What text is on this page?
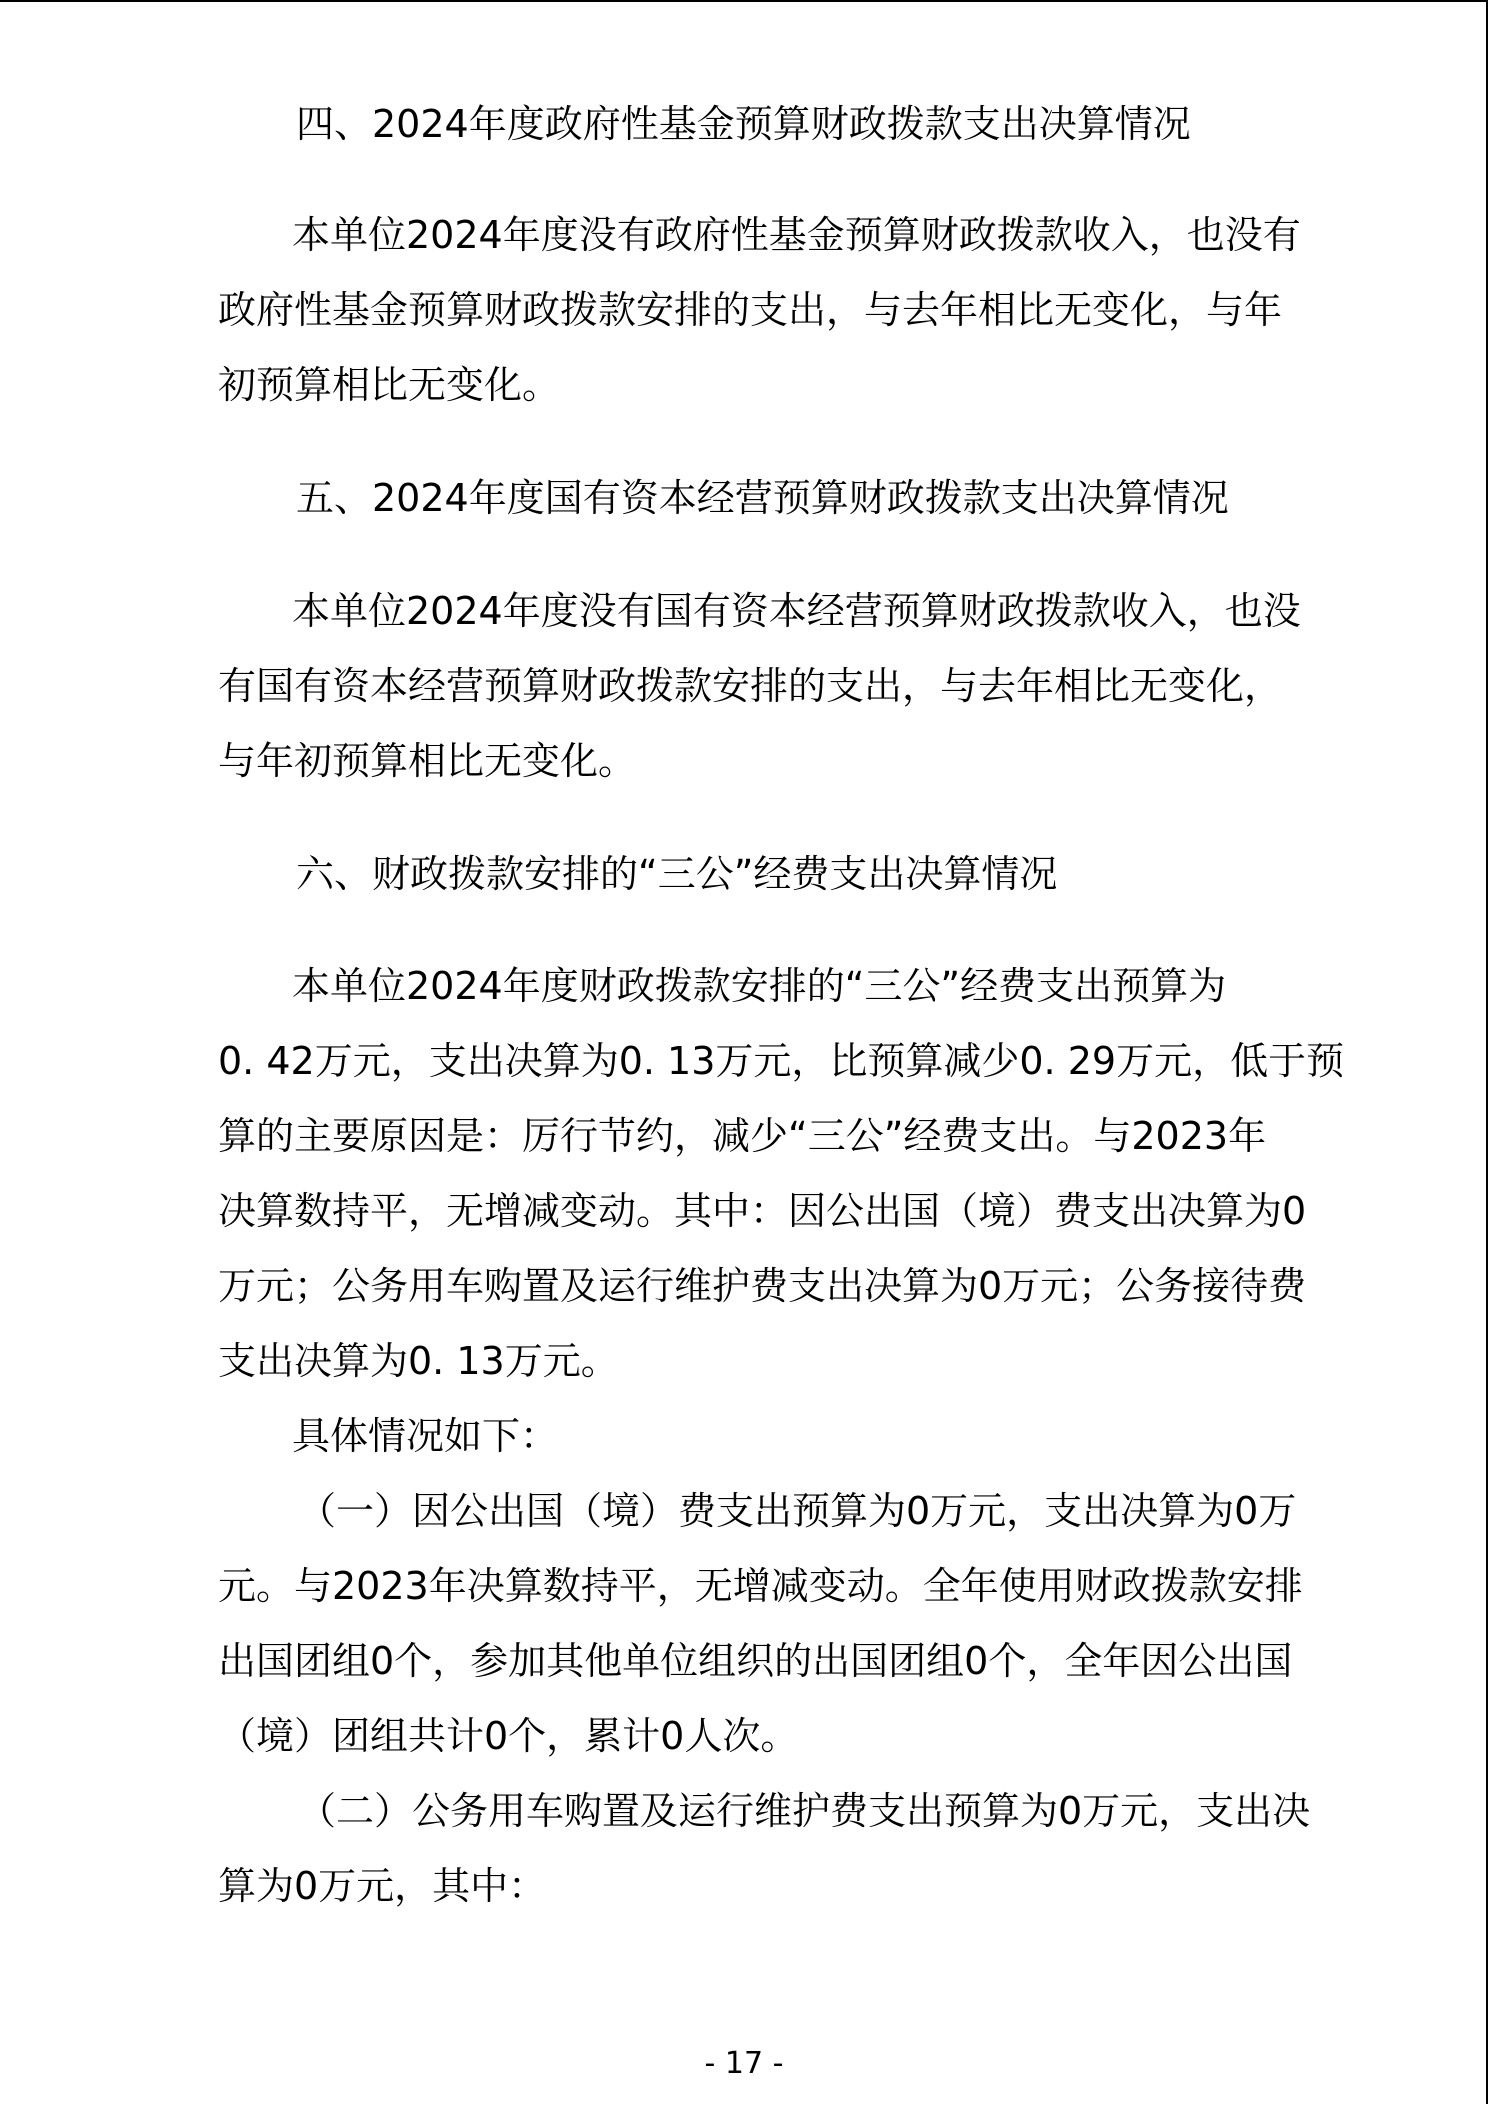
四、2024年度政府性基金预算财政拨款支出决算情况
本单位2024年度没有政府性基金预算财政拨款收入，也没有
政府性基金预算财政拨款安排的支出，与去年相比无变化，与年
初预算相比无变化。
五、2024年度国有资本经营预算财政拨款支出决算情况
本单位2024年度没有国有资本经营预算财政拨款收入，也没
有国有资本经营预算财政拨款安排的支出，与去年相比无变化，
与年初预算相比无变化。
六、财政拨款安排的“三公”经费支出决算情况
本单位2024年度财政拨款安排的“三公”经费支出预算为
0. 42万元，支出决算为0. 13万元，比预算减少0. 29万元，低于预
算的主要原因是：厉行节约，减少“三公”经费支出。与2023年
决算数持平，无增减变动。其中：因公出国（境）费支出决算为0
万元；公务用车购置及运行维护费支出决算为0万元；公务接待费
支出决算为0. 13万元。
具体情况如下：
（一）因公出国（境）费支出预算为0万元，支出决算为0万
元。与2023年决算数持平，无增减变动。全年使用财政拨款安排
出国团组0个，参加其他单位组织的出国团组0个，全年因公出国
（境）团组共计0个，累计0人次。
（二）公务用车购置及运行维护费支出预算为0万元，支出决
算为0万元，其中：
- 17 -
